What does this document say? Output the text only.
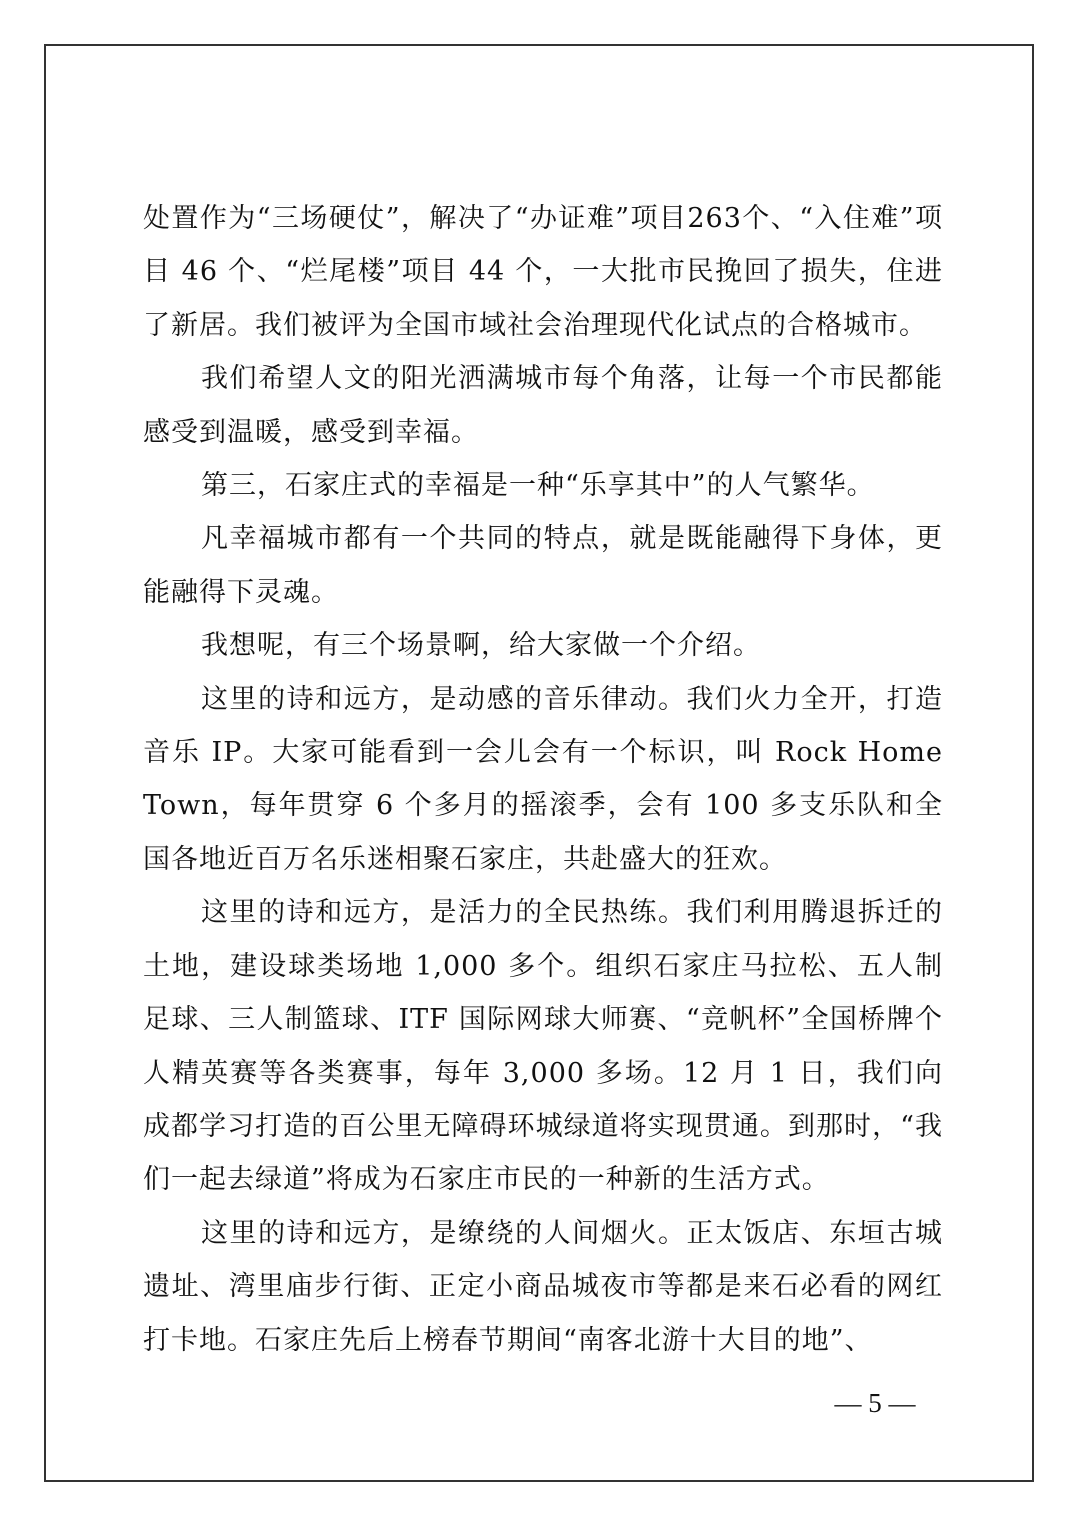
处置作为“三场硬仗”，解决了“办证难”项目263个、“入住难”项目 46 个、“烂尾楼”项目 44 个，一大批市民挽回了损失，住进了新居。我们被评为全国市域社会治理现代化试点的合格城市。

我们希望人文的阳光洒满城市每个角落，让每一个市民都能感受到温暖，感受到幸福。

第三，石家庄式的幸福是一种“乐享其中”的人气繁华。

凡幸福城市都有一个共同的特点，就是既能融得下身体，更能融得下灵魂。

我想呢，有三个场景啊，给大家做一个介绍。

这里的诗和远方，是动感的音乐律动。我们火力全开，打造音乐 IP。大家可能看到一会儿会有一个标识，叫 Rock Home Town，每年贯穿 6 个多月的摇滚季，会有 100 多支乐队和全国各地近百万名乐迷相聚石家庄，共赴盛大的狂欢。

这里的诗和远方，是活力的全民热练。我们利用腾退拆迁的土地，建设球类场地 1,000 多个。组织石家庄马拉松、五人制足球、三人制篮球、ITF 国际网球大师赛、“竞帆杯”全国桥牌个人精英赛等各类赛事，每年 3,000 多场。12 月 1 日，我们向成都学习打造的百公里无障碍环城绿道将实现贯通。到那时，“我们一起去绿道”将成为石家庄市民的一种新的生活方式。

这里的诗和远方，是缭绕的人间烟火。正太饭店、东垣古城遗址、湾里庙步行街、正定小商品城夜市等都是来石必看的网红打卡地。石家庄先后上榜春节期间“南客北游十大目的地”、

— 5 —
